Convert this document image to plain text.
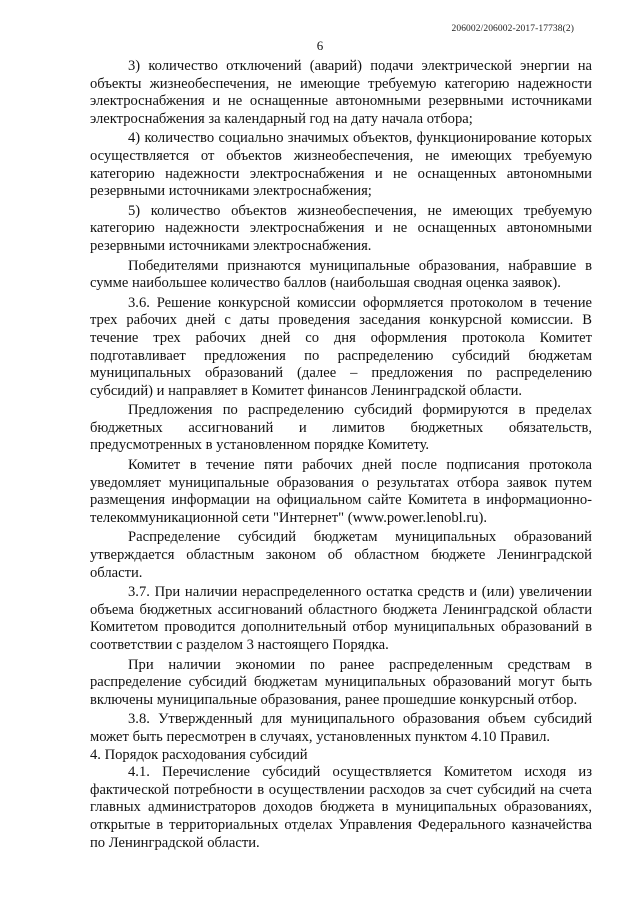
206002/206002-2017-17738(2)
6

3) количество отключений (аварий) подачи электрической энергии на объекты жизнеобеспечения, не имеющие требуемую категорию надежности электроснабжения и не оснащенные автономными резервными источниками электроснабжения за календарный год на дату начала отбора;

4) количество социально значимых объектов, функционирование которых осуществляется от объектов жизнеобеспечения, не имеющих требуемую категорию надежности электроснабжения и не оснащенных автономными резервными источниками электроснабжения;

5) количество объектов жизнеобеспечения, не имеющих требуемую категорию надежности электроснабжения и не оснащенных автономными резервными источниками электроснабжения.

Победителями признаются муниципальные образования, набравшие в сумме наибольшее количество баллов (наибольшая сводная оценка заявок).

3.6. Решение конкурсной комиссии оформляется протоколом в течение трех рабочих дней с даты проведения заседания конкурсной комиссии. В течение трех рабочих дней со дня оформления протокола Комитет подготавливает предложения по распределению субсидий бюджетам муниципальных образований (далее – предложения по распределению субсидий) и направляет в Комитет финансов Ленинградской области.

Предложения по распределению субсидий формируются в пределах бюджетных ассигнований и лимитов бюджетных обязательств, предусмотренных в установленном порядке Комитету.

Комитет в течение пяти рабочих дней после подписания протокола уведомляет муниципальные образования о результатах отбора заявок путем размещения информации на официальном сайте Комитета в информационно-телекоммуникационной сети "Интернет" (www.power.lenobl.ru).

Распределение субсидий бюджетам муниципальных образований утверждается областным законом об областном бюджете Ленинградской области.

3.7. При наличии нераспределенного остатка средств и (или) увеличении объема бюджетных ассигнований областного бюджета Ленинградской области Комитетом проводится дополнительный отбор муниципальных образований в соответствии с разделом 3 настоящего Порядка.

При наличии экономии по ранее распределенным средствам в распределение субсидий бюджетам муниципальных образований могут быть включены муниципальные образования, ранее прошедшие конкурсный отбор.

3.8. Утвержденный для муниципального образования объем субсидий может быть пересмотрен в случаях, установленных пунктом 4.10 Правил.

4. Порядок расходования субсидий

4.1. Перечисление субсидий осуществляется Комитетом исходя из фактической потребности в осуществлении расходов за счет субсидий на счета главных администраторов доходов бюджета в муниципальных образованиях, открытые в территориальных отделах Управления Федерального казначейства по Ленинградской области.
